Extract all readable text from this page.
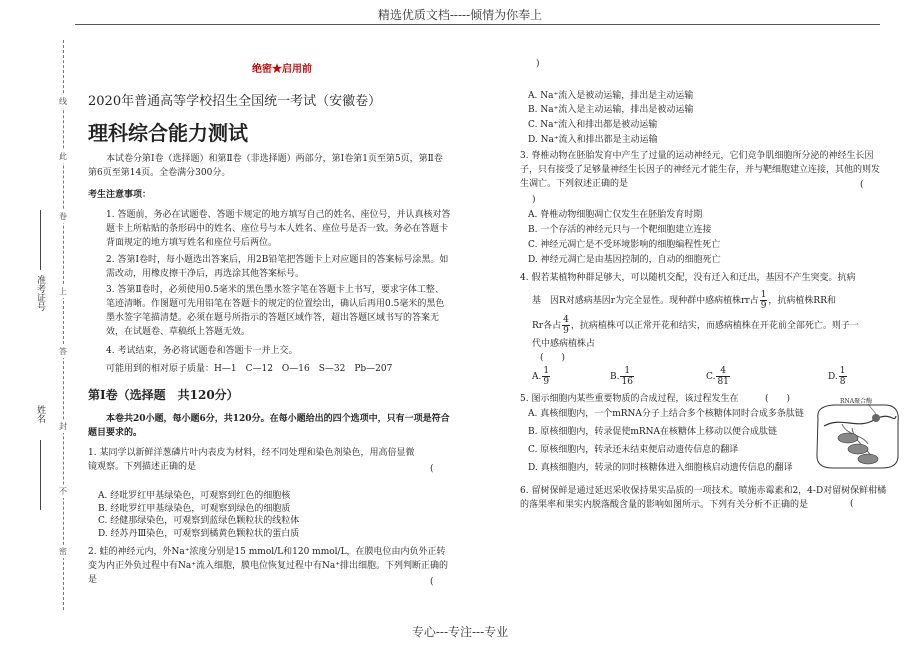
精选优质文档-----倾情为你奉上
专心---专注---专业
线
此
卷
上
答
封
不
密
准考证号
姓名
绝密★启用前
2020年普通高等学校招生全国统一考试（安徽卷）
理科综合能力测试
本试卷分第Ⅰ卷（选择题）和第Ⅱ卷（非选择题）两部分，第Ⅰ卷第1页至第5页，第Ⅱ卷第6页至第14页。全卷满分300分。
考生注意事项：
1. 答题前，务必在试题卷、答题卡规定的地方填写自己的姓名、座位号，并认真核对答题卡上所粘贴的条形码中的姓名、座位号与本人姓名、座位号是否一致。务必在答题卡背面规定的地方填写姓名和座位号后两位。
2. 答第Ⅰ卷时，每小题选出答案后，用2B铅笔把答题卡上对应题目的答案标号涂黑。如需改动，用橡皮擦干净后，再选涂其他答案标号。
3. 答第Ⅱ卷时，必须使用0.5毫米的黑色墨水签字笔在答题卡上书写，要求字体工整、笔迹清晰。作图题可先用铅笔在答题卡的规定的位置绘出，确认后再用0.5毫米的黑色墨水签字笔描清楚。必须在题号所指示的答题区域作答，超出答题区域书写的答案无效，在试题卷、草稿纸上答题无效。
4. 考试结束，务必将试题卷和答题卡一并上交。
可能用到的相对原子质量：H—1　C—12　O—16　S—32　Pb—207
第Ⅰ卷（选择题　共120分）
本卷共20小题，每小题6分，共120分。在每小题给出的四个选项中，只有一项是符合题目要求的。
1. 某同学以新鲜洋葱磷片叶内表皮为材料，经不同处理和染色剂染色，用高倍显微镜观察。下列描述正确的是	(
A. 经吡罗红甲基绿染色，可观察到红色的细胞核
B. 经吡罗红甲基绿染色，可观察到绿色的细胞质
C. 经健那绿染色，可观察到蓝绿色颗粒状的线粒体
D. 经苏丹Ⅲ染色，可观察到橘黄色颗粒状的蛋白质
2. 蛙的神经元内，外Na⁺浓度分别是15 mmol/L和120 mmol/L，在膜电位由内负外正转变为内正外负过程中有Na⁺流入细胞，膜电位恢复过程中有Na⁺排出细胞。下列判断正确的是	(
)
A. Na⁺流入是被动运输，排出是主动运输
B. Na⁺流入是主动运输，排出是被动运输
C. Na⁺流入和排出都是被动运输
D. Na⁺流入和排出都是主动运输
3. 脊椎动物在胚胎发育中产生了过量的运动神经元，它们竞争肌细胞所分泌的神经生长因子，只有接受了足够量神经生长因子的神经元才能生存，并与靶细胞建立连接，其他的则发生凋亡。下列叙述正确的是	(
)
A. 脊椎动物细胞凋亡仅发生在胚胎发育时期
B. 一个存活的神经元只与一个靶细胞建立连接
C. 神经元凋亡是不受环境影响的细胞编程性死亡
D. 神经元凋亡是由基因控制的，自动的细胞死亡
4. 假若某植物种群足够大，可以随机交配，没有迁入和迁出，基因不产生突变。抗病
基　因R对感病基因r为完全显性。现种群中感病植株rr占 $\frac{1}{9}$ ，抗病植株RR和
Rr各占 $\frac{4}{9}$ ，抗病植株可以正常开花和结实，而感病植株在开花前全部死亡。则子一
代中感病植株占
(　　)
A. $\frac{1}{9}$	B. $\frac{1}{16}$	C. $\frac{4}{81}$	D. $\frac{1}{8}$
5. 图示细胞内某些重要物质的合成过程，该过程发生在	(　　)
A. 真核细胞内，一个mRNA分子上结合多个核糖体同时合成多条肽链
B. 原核细胞内，转录促使mRNA在核糖体上移动以便合成肽链
C. 原核细胞内，转录还未结束便启动遗传信息的翻译
D. 真核细胞内，转录的同时核糖体进入细胞核启动遗传信息的翻译
RNA聚合酶
6. 留树保鲜是通过延迟采收保持果实品质的一项技术。喷施赤霉素和2，4-D对留树保鲜柑橘的落果率和果实内脱落酸含量的影响如图所示。下列有关分析不正确的是	(
